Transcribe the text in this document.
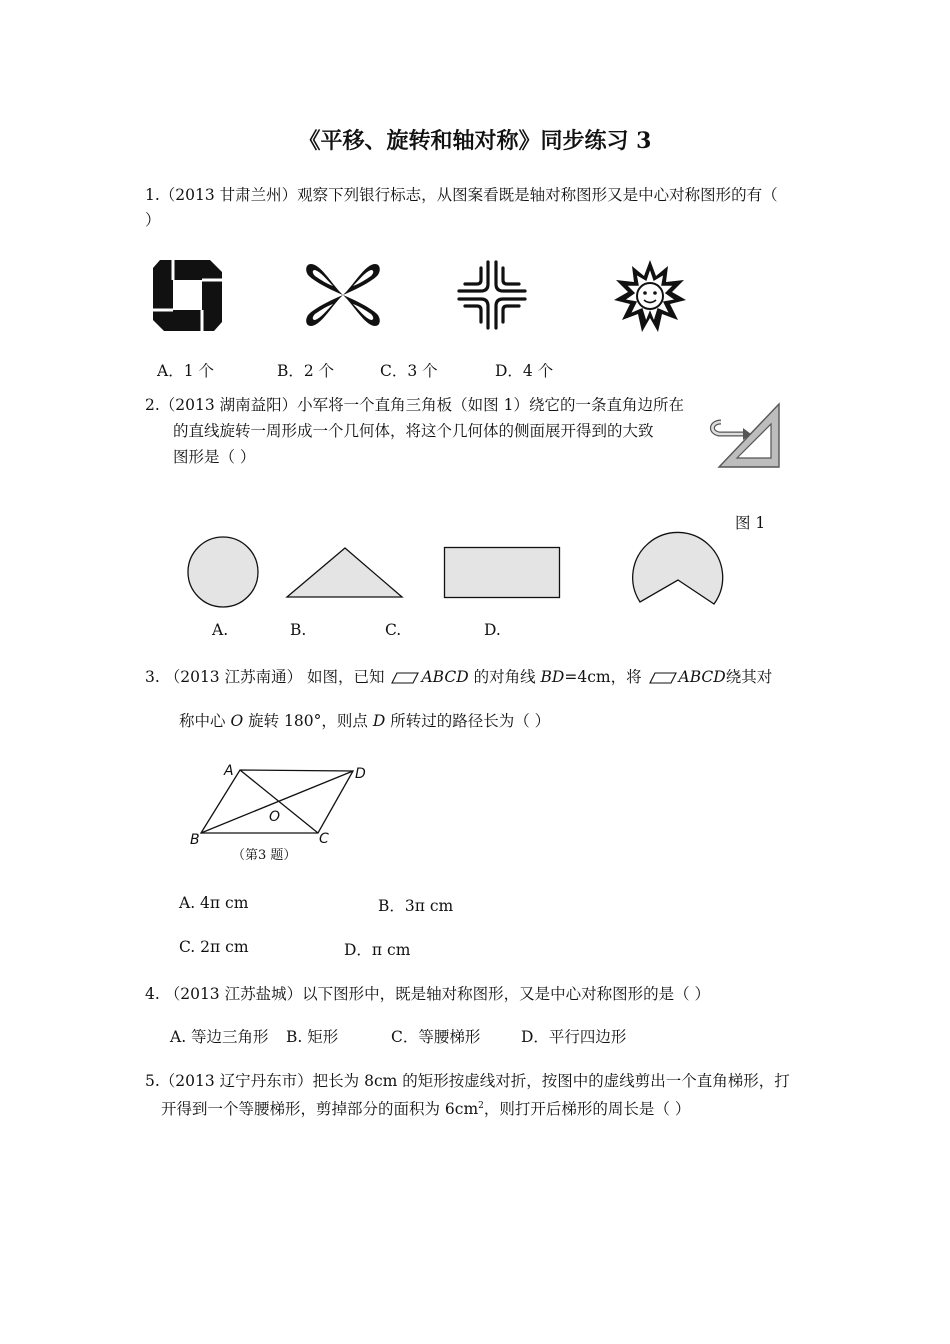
《平移、旋转和轴对称》同步练习 3
1.（2013 甘肃兰州）观察下列银行标志，从图案看既是轴对称图形又是中心对称图形的有（
）
A．1 个	B．2 个	C．3 个	D．4 个
2.（2013 湖南益阳）小军将一个直角三角板（如图 1）绕它的一条直角边所在
的直线旋转一周形成一个几何体，将这个几何体的侧面展开得到的大致
图形是（ ）
图 1
A.	B.	C.	D.
3. （2013 江苏南通） 如图，已知 ABCD 的对角线 BD=4cm，将 ABCD绕其对
称中心 O 旋转 180°，则点 D 所转过的路径长为（ ）
A	D
B	C
O
（第3 题）
A. 4π cm	B．3π cm
C. 2π cm	D．π cm
4. （2013 江苏盐城）以下图形中，既是轴对称图形，又是中心对称图形的是（ ）
A. 等边三角形 B. 矩形	C．等腰梯形	D．平行四边形
5.（2013 辽宁丹东市）把长为 8cm 的矩形按虚线对折，按图中的虚线剪出一个直角梯形，打
开得到一个等腰梯形，剪掉部分的面积为 $6cm^2$，则打开后梯形的周长是（ ）
